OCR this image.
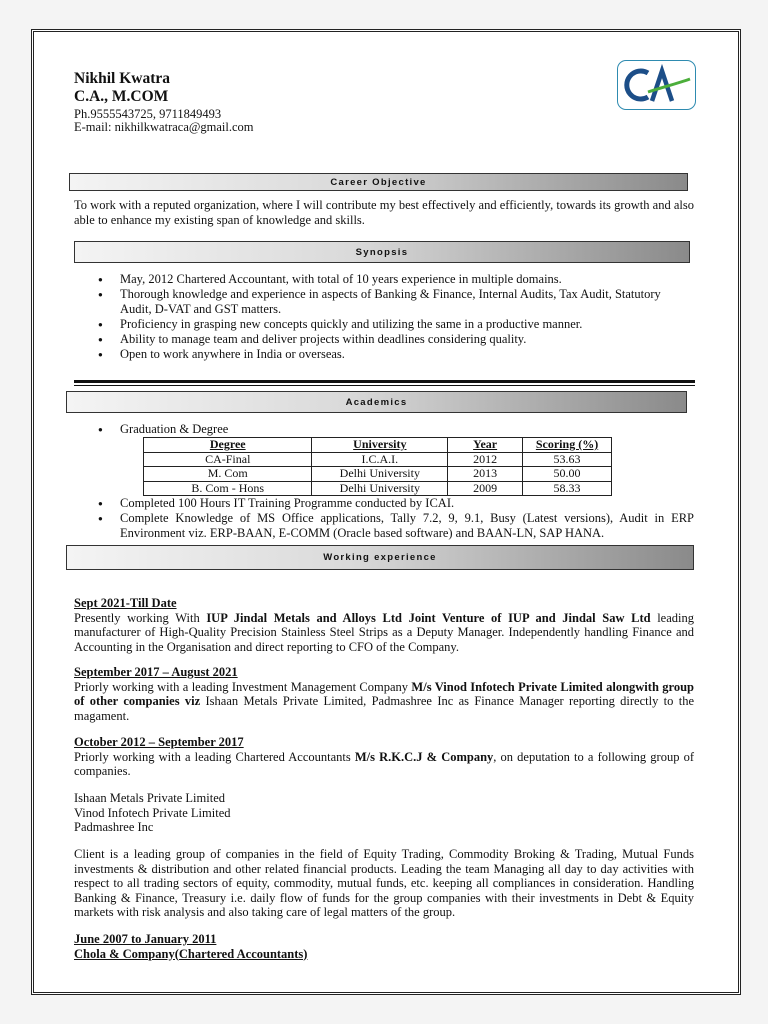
Nikhil Kwatra
C.A., M.COM
Ph.9555543725, 9711849493
E-mail: nikhilkwatraca@gmail.com
Career Objective
To work with a reputed organization, where I will contribute my best effectively and efficiently, towards its growth and also able to enhance my existing span of knowledge and skills.
Synopsis
● May, 2012 Chartered Accountant, with total of 10 years experience in multiple domains.
● Thorough knowledge and experience in aspects of Banking & Finance, Internal Audits, Tax Audit, Statutory Audit, D-VAT and GST matters.
● Proficiency in grasping new concepts quickly and utilizing the same in a productive manner.
● Ability to manage team and deliver projects within deadlines considering quality.
● Open to work anywhere in India or overseas.
Academics
● Graduation & Degree
Degree	University	Year	Scoring (%)
CA-Final	I.C.A.I.	2012	53.63
M. Com	Delhi University	2013	50.00
B. Com - Hons	Delhi University	2009	58.33
● Completed 100 Hours IT Training Programme conducted by ICAI.
● Complete Knowledge of MS Office applications, Tally 7.2, 9, 9.1, Busy (Latest versions), Audit in ERP Environment viz. ERP-BAAN, E-COMM (Oracle based software) and BAAN-LN, SAP HANA.
Working experience
Sept 2021-Till Date
Presently working With IUP Jindal Metals and Alloys Ltd Joint Venture of IUP and Jindal Saw Ltd leading manufacturer of High-Quality Precision Stainless Steel Strips as a Deputy Manager. Independently handling Finance and Accounting in the Organisation and direct reporting to CFO of the Company.
September 2017 – August 2021
Priorly working with a leading Investment Management Company M/s Vinod Infotech Private Limited alongwith group of other companies viz Ishaan Metals Private Limited, Padmashree Inc as Finance Manager reporting directly to the magament.
October 2012 – September 2017
Priorly working with a leading Chartered Accountants M/s R.K.C.J & Company, on deputation to a following group of companies.
Ishaan Metals Private Limited
Vinod Infotech Private Limited
Padmashree Inc
Client is a leading group of companies in the field of Equity Trading, Commodity Broking & Trading, Mutual Funds investments & distribution and other related financial products. Leading the team Managing all day to day activities with respect to all trading sectors of equity, commodity, mutual funds, etc. keeping all compliances in consideration. Handling Banking & Finance, Treasury i.e. daily flow of funds for the group companies with their investments in Debt & Equity markets with risk analysis and also taking care of legal matters of the group.
June 2007 to January 2011
Chola & Company(Chartered Accountants)
